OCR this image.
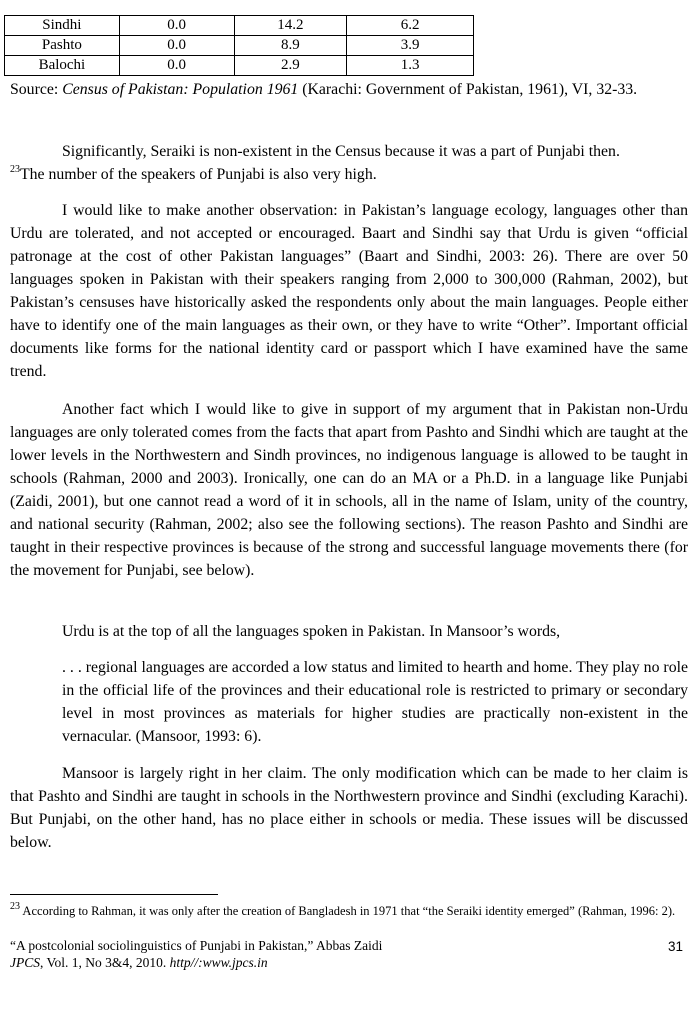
Sindhi	0.0	14.2	6.2
Pashto	0.0	8.9	3.9
Balochi	0.0	2.9	1.3
Source: Census of Pakistan: Population 1961 (Karachi: Government of Pakistan, 1961), VI, 32-33.

Significantly, Seraiki is non-existent in the Census because it was a part of Punjabi then.
$^{23}$The number of the speakers of Punjabi is also very high.

I would like to make another observation: in Pakistan’s language ecology, languages other than Urdu are tolerated, and not accepted or encouraged. Baart and Sindhi say that Urdu is given “official patronage at the cost of other Pakistan languages” (Baart and Sindhi, 2003: 26). There are over 50 languages spoken in Pakistan with their speakers ranging from 2,000 to 300,000 (Rahman, 2002), but Pakistan’s censuses have historically asked the respondents only about the main languages. People either have to identify one of the main languages as their own, or they have to write “Other”. Important official documents like forms for the national identity card or passport which I have examined have the same trend.

Another fact which I would like to give in support of my argument that in Pakistan non-Urdu languages are only tolerated comes from the facts that apart from Pashto and Sindhi which are taught at the lower levels in the Northwestern and Sindh provinces, no indigenous language is allowed to be taught in schools (Rahman, 2000 and 2003). Ironically, one can do an MA or a Ph.D. in a language like Punjabi (Zaidi, 2001), but one cannot read a word of it in schools, all in the name of Islam, unity of the country, and national security (Rahman, 2002; also see the following sections). The reason Pashto and Sindhi are taught in their respective provinces is because of the strong and successful language movements there (for the movement for Punjabi, see below).

Urdu is at the top of all the languages spoken in Pakistan. In Mansoor’s words,

. . . regional languages are accorded a low status and limited to hearth and home. They play no role in the official life of the provinces and their educational role is restricted to primary or secondary level in most provinces as materials for higher studies are practically non-existent in the vernacular. (Mansoor, 1993: 6).

Mansoor is largely right in her claim. The only modification which can be made to her claim is that Pashto and Sindhi are taught in schools in the Northwestern province and Sindhi (excluding Karachi). But Punjabi, on the other hand, has no place either in schools or media. These issues will be discussed below.

$^{23}$ According to Rahman, it was only after the creation of Bangladesh in 1971 that “the Seraiki identity emerged” (Rahman, 1996: 2).
“A postcolonial sociolinguistics of Punjabi in Pakistan,” Abbas Zaidi
JPCS, Vol. 1, No 3&4, 2010. http//:www.jpcs.in
31
